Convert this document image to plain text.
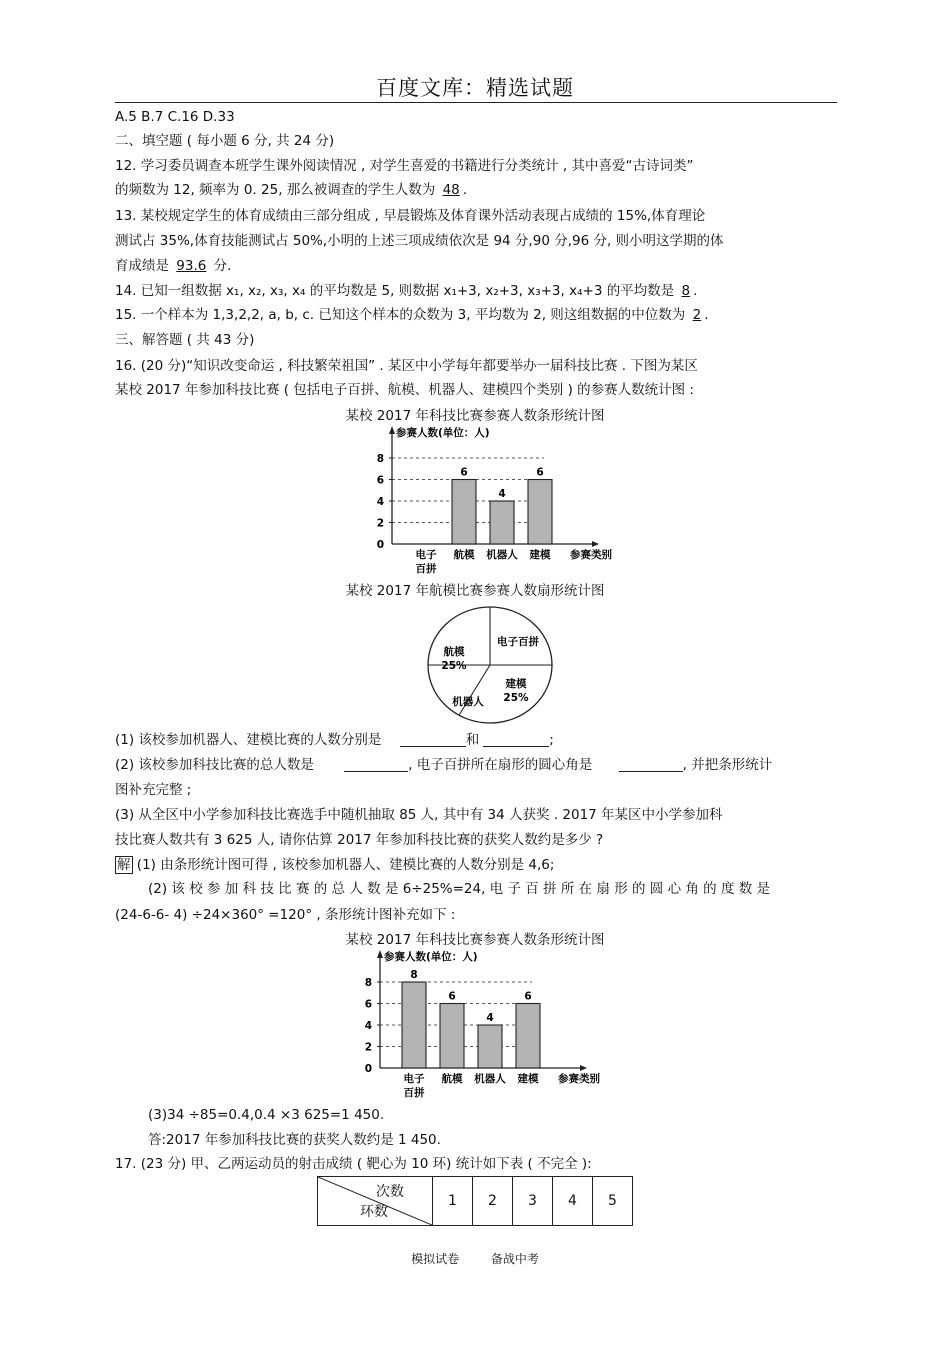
百度文库：精选试题
A.5 B.7 C.16 D.33
二、填空题 ( 每小题 6 分, 共 24 分)
12. 学习委员调查本班学生课外阅读情况 , 对学生喜爱的书籍进行分类统计 , 其中喜爱“古诗词类”
的频数为 12, 频率为 0. 25, 那么被调查的学生人数为 48 .
13. 某校规定学生的体育成绩由三部分组成 , 早晨锻炼及体育课外活动表现占成绩的 15%,体育理论
测试占 35%,体育技能测试占 50%,小明的上述三项成绩依次是 94 分,90 分,96 分, 则小明这学期的体
育成绩是 93.6 分.
14. 已知一组数据 x₁, x₂, x₃, x₄ 的平均数是 5, 则数据 x₁+3, x₂+3, x₃+3, x₄+3 的平均数是 8 .
15. 一个样本为 1,3,2,2, a, b, c. 已知这个样本的众数为 3, 平均数为 2, 则这组数据的中位数为 2 .
三、解答题 ( 共 43 分)
16. (20 分)“知识改变命运 , 科技繁荣祖国” . 某区中小学每年都要举办一届科技比赛 . 下图为某区
某校 2017 年参加科技比赛 ( 包括电子百拼、航模、机器人、建模四个类别 ) 的参赛人数统计图 :
某校 2017 年科技比赛参赛人数条形统计图
参赛人数(单位：人)
0
2
4
6
8
电子
百拼
6
航模
4
机器人
6
建模 参赛类别
某校 2017 年航模比赛参赛人数扇形统计图
电子百拼
建模
25%
机器人
航模
25%
(1) 该校参加机器人、建模比赛的人数分别是	和	;
(2) 该校参加科技比赛的总人数是	, 电子百拼所在扇形的圆心角是	, 并把条形统计
图补充完整 ;
(3) 从全区中小学参加科技比赛选手中随机抽取 85 人, 其中有 34 人获奖 . 2017 年某区中小学参加科
技比赛人数共有 3 625 人, 请你估算 2017 年参加科技比赛的获奖人数约是多少 ?
解 (1) 由条形统计图可得 , 该校参加机器人、建模比赛的人数分别是 4,6;
(2) 该 校 参 加 科 技 比 赛 的 总 人 数 是 6÷25%=24, 电 子 百 拼 所 在 扇 形 的 圆 心 角 的 度 数 是
(24-6-6- 4) ÷24×360° =120° , 条形统计图补充如下 :
某校 2017 年科技比赛参赛人数条形统计图
参赛人数(单位：人)
0
2
4
6
8
8
电子
百拼
6
航模
4
机器人
6
建模 参赛类别
(3)34 ÷85=0.4,0.4 ×3 625=1 450.
答:2017 年参加科技比赛的获奖人数约是 1 450.
17. (23 分) 甲、乙两运动员的射击成绩 ( 靶心为 10 环) 统计如下表 ( 不完全 ):
次数
环数
	1	2	3	4	5
模拟试卷	备战中考
